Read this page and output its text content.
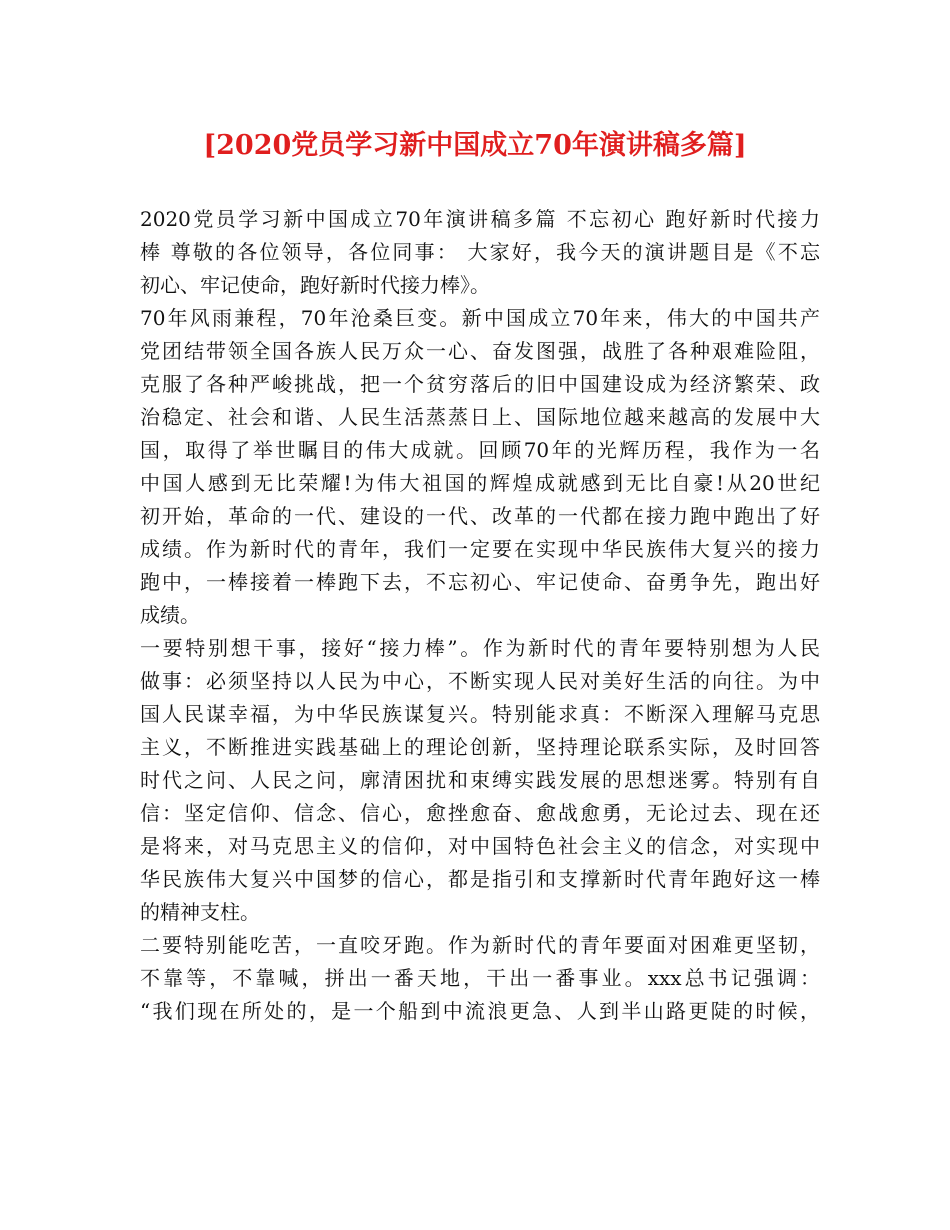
[2020党员学习新中国成立70年演讲稿多篇]
2020党员学习新中国成立70年演讲稿多篇 不忘初心 跑好新时代接力
棒 尊敬的各位领导，各位同事： 大家好，我今天的演讲题目是《不忘
初心、牢记使命，跑好新时代接力棒》。
70年风雨兼程，70年沧桑巨变。新中国成立70年来，伟大的中国共产
党团结带领全国各族人民万众一心、奋发图强，战胜了各种艰难险阻，
克服了各种严峻挑战，把一个贫穷落后的旧中国建设成为经济繁荣、政
治稳定、社会和谐、人民生活蒸蒸日上、国际地位越来越高的发展中大
国，取得了举世瞩目的伟大成就。回顾70年的光辉历程，我作为一名
中国人感到无比荣耀!为伟大祖国的辉煌成就感到无比自豪!从20世纪
初开始，革命的一代、建设的一代、改革的一代都在接力跑中跑出了好
成绩。作为新时代的青年，我们一定要在实现中华民族伟大复兴的接力
跑中，一棒接着一棒跑下去，不忘初心、牢记使命、奋勇争先，跑出好
成绩。
一要特别想干事，接好“接力棒”。作为新时代的青年要特别想为人民
做事：必须坚持以人民为中心，不断实现人民对美好生活的向往。为中
国人民谋幸福，为中华民族谋复兴。特别能求真：不断深入理解马克思
主义，不断推进实践基础上的理论创新，坚持理论联系实际，及时回答
时代之问、人民之问，廓清困扰和束缚实践发展的思想迷雾。特别有自
信：坚定信仰、信念、信心，愈挫愈奋、愈战愈勇，无论过去、现在还
是将来，对马克思主义的信仰，对中国特色社会主义的信念，对实现中
华民族伟大复兴中国梦的信心，都是指引和支撑新时代青年跑好这一棒
的精神支柱。
二要特别能吃苦，一直咬牙跑。作为新时代的青年要面对困难更坚韧，
不靠等，不靠喊，拼出一番天地，干出一番事业。xxx总书记强调：
“我们现在所处的，是一个船到中流浪更急、人到半山路更陡的时候，
